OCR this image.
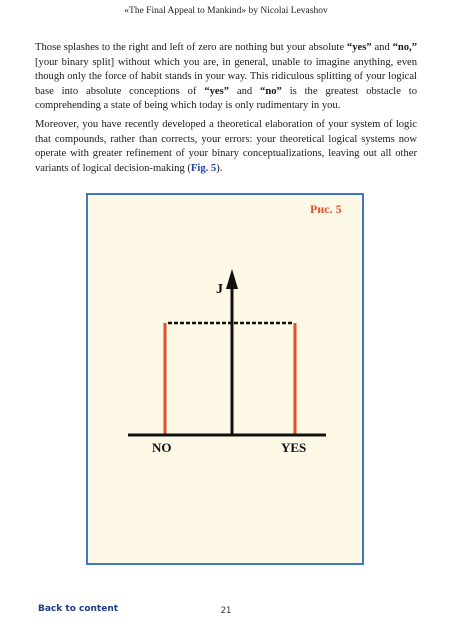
«The Final Appeal to Mankind» by Nicolai Levashov

Those splashes to the right and left of zero are nothing but your absolute “yes” and “no,” [your binary split] without which you are, in general, unable to imagine anything, even though only the force of habit stands in your way. This ridiculous splitting of your logical base into absolute conceptions of “yes” and “no” is the greatest obstacle to comprehending a state of being which today is only rudimentary in you.

Moreover, you have recently developed a theoretical elaboration of your system of logic that compounds, rather than corrects, your errors: your theoretical logical systems now operate with greater refinement of your binary conceptualizations, leaving out all other variants of logical decision-making (Fig. 5).

Рис. 5
J
NO	YES
Back to content	21
